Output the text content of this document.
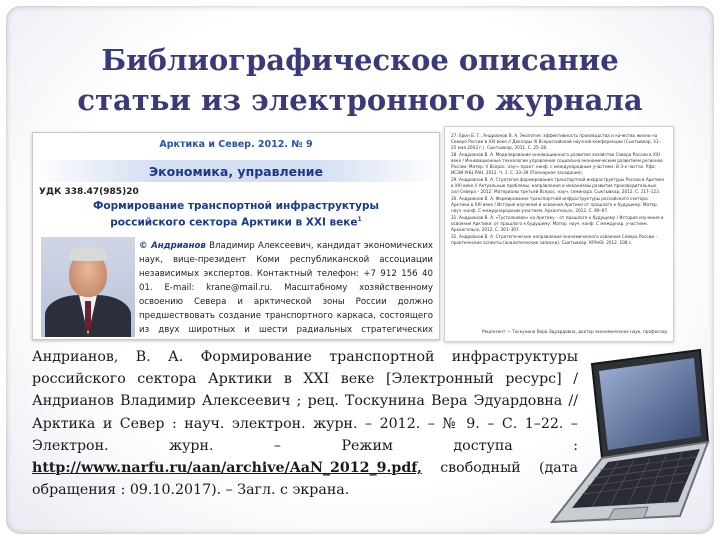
Библиографическое описание
статьи из электронного журнала
Арктика и Север. 2012. № 9
Экономика, управление
УДК 338.47(985)20
Формирование транспортной инфраструктуры
российского сектора Арктики в XXI веке$^1$
© Андрианов Владимир Алексеевич, кандидат экономических наук, вице-президент Коми республиканской ассоциации независимых экспертов. Контактный телефон: +7 912 156 40 01. E-mail: kraпe@mail.ru. Масштабному хозяйственному освоению Севера и арктической зоны России должно предшествовать создание транспортного каркаса, состоящего из двух широтных и шести радиальных стратегических
27. Ерин Б. Г., Андрианов В. А. Экология: эффективность производства и качество жизни на Севере России в XXI веке // Доклады III Всероссийской научной конференции (Сыктывкар, 31–25 мая 2003 г.). Сыктывкар, 2011. С. 25–28.
28. Андрианов В. А. Моделирование инновационного развития хозяйства Севера России в XXI веке / Инновационные технологии управления социально-экономическим развитием регионов России: Матер. V Всерос. науч.-практ. конф. с международным участием. В 3-х частях. Уфа: ИСЭИ УНЦ РАН, 2012. Ч. 1. С. 33–39 (Пленарное заседание).
29. Андрианов В. А. Стратегия формирования транспортной инфраструктуры России в Арктике в XXI веке // Актуальные проблемы, направления и механизмы развития производительных сил Севера – 2012: Материалы третьей Всерос. науч. семинара. Сыктывкар, 2012. С. 117–123.
30. Андрианов В. А. Формирование транспортной инфраструктуры российского сектора Арктики в XXI веке / История изучения и освоения Арктики от прошлого к будущему: Матер. науч.-конф. С международным участием. Архангельск, 2012. С. 89–97.
31. Андрианов В. А. «Тустолковое» на Арктику – от прошлого к будущему / История изучения и освоения Арктики: от прошлого к будущему: Матер. науч. конф. С междунар. участием. Архангельск, 2012. С. 301–307.
32. Андрианов В. А. Стратегические направления экономического освоения Севера России – практические аспекты (аналитические записки). Сыктывкар: КРАНЭ, 2012. 108 с.
Рецензент — Тоскунина Вера Эдуардовна, доктор экономических наук, профессор
Андрианов, В. А. Формирование транспортной инфраструктуры
российского сектора Арктики в XXI веке [Электронный ресурс] /
Андрианов Владимир Алексеевич ; рец. Тоскунина Вера Эдуардовна //
Арктика и Север : науч. электрон. журн. – 2012. – № 9. – С. 1–22. –
Электрон. журн. – Режим доступа :
http://www.narfu.ru/aan/archive/AaN_2012_9.pdf, свободный (дата
обращения : 09.10.2017). – Загл. с экрана.
